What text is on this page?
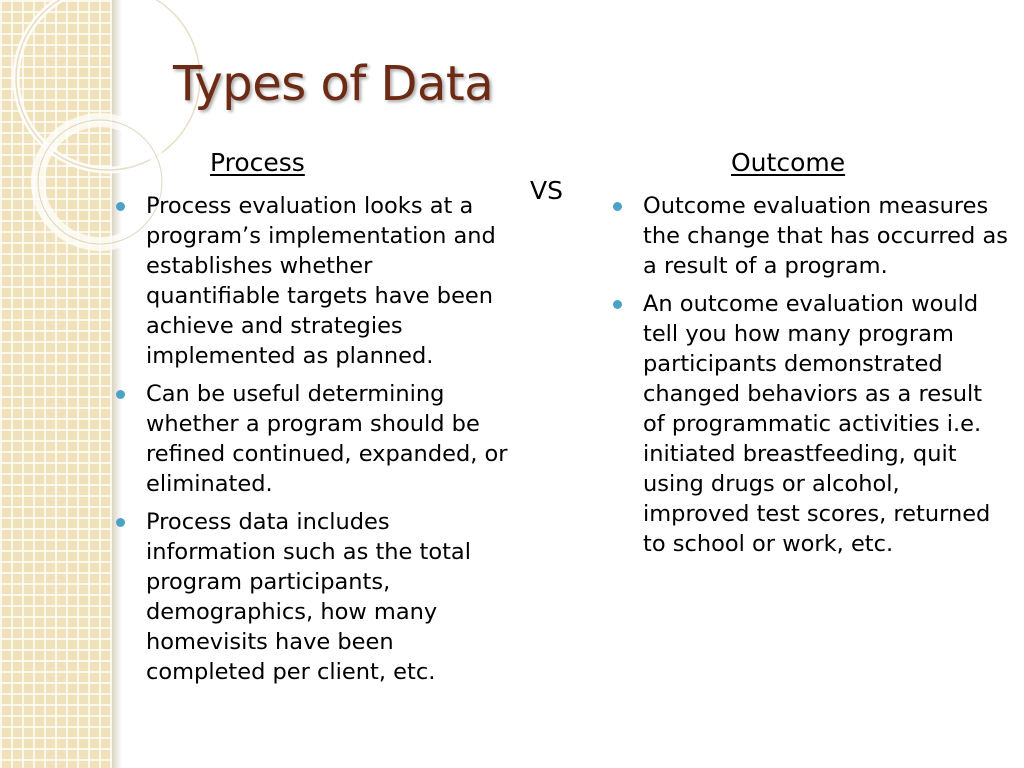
Types of Data
Process
VS
Outcome
Process evaluation looks at a program’s implementation and establishes whether quantifiable targets have been achieve and strategies implemented as planned.
Can be useful determining whether a program should be refined continued, expanded, or eliminated.
Process data includes information such as the total program participants, demographics, how many homevisits have been completed per client, etc.
Outcome evaluation measures the change that has occurred as a result of a program.
An outcome evaluation would tell you how many program participants demonstrated changed behaviors as a result of programmatic activities i.e. initiated breastfeeding, quit using drugs or alcohol, improved test scores, returned to school or work, etc.
